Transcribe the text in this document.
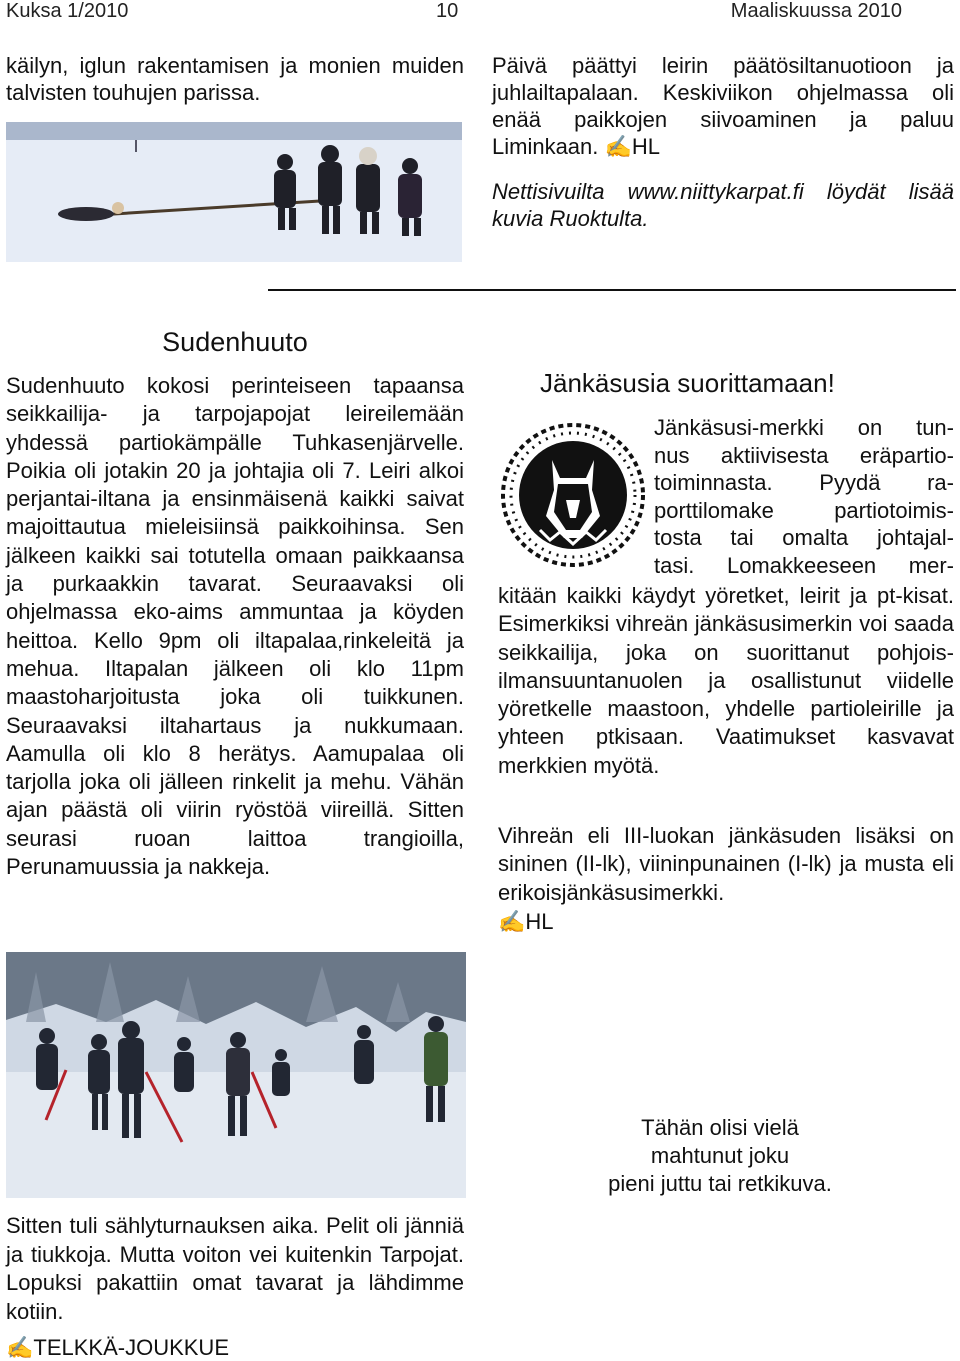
Kuksa 1/2010	10	Maaliskuussa 2010
käilyn, iglun rakentamisen ja monien muiden talvisten touhujen parissa.
Päivä päättyi leirin päätösiltanuotioon ja juhlailtapalaan. Keskiviikon ohjelmassa oli enää paikkojen siivoaminen ja paluu Liminkaan. ✍HL
Nettisivuilta www.niittykarpat.fi löydät lisää kuvia Ruoktulta.
Sudenhuuto
Sudenhuuto kokosi perinteiseen tapaansa seikkailija- ja tarpojapojat leireilemään yhdessä partiokämpälle Tuhkasenjärvelle. Poikia oli jotakin 20 ja johtajia oli 7. Leiri alkoi perjantai-iltana ja ensinmäisenä kaikki saivat majoittautua mieleisiinsä paikkoihinsa. Sen jälkeen kaikki sai totutella omaan paikkaansa ja purkaakkin tavarat. Seuraavaksi oli ohjelmassa eko-aims ammuntaa ja köyden heittoa. Kello 9pm oli iltapalaa,rinkeleitä ja mehua. Iltapalan jälkeen oli klo 11pm maastoharjoitusta joka oli tuikkunen. Seuraavaksi iltahartaus ja nukkumaan. Aamulla oli klo 8 herätys. Aamupalaa oli tarjolla joka oli jälleen rinkelit ja mehu. Vähän ajan päästä oli viirin ryöstöä viireillä. Sitten seurasi ruoan laittoa trangioilla, Perunamuussia ja nakkeja.
Jänkäsusia suorittamaan!
Jänkäsusi-merkki on tun-
nus aktiivisesta eräpartio-
toiminnasta. Pyydä ra-
porttilomake partiotoimis-
tosta tai omalta johtajal-
tasi. Lomakkeeseen mer-
kitään kaikki käydyt yöretket, leirit ja pt-kisat. Esimerkiksi vihreän jänkäsusimerkin voi saada seikkailija, joka on suorittanut pohjois-ilmansuuntanuolen ja osallistunut viidelle yöretkelle maastoon, yhdelle partioleirille ja yhteen ptkisaan. Vaatimukset kasvavat merkkien myötä.
Vihreän eli III-luokan jänkäsuden lisäksi on sininen (II-lk), viininpunainen (I-lk) ja musta eli erikoisjänkäsusimerkki.
✍HL
Sitten tuli sählyturnauksen aika. Pelit oli jänniä ja tiukkoja. Mutta voiton vei kuitenkin Tarpojat. Lopuksi pakattiin omat tavarat ja lähdimme kotiin.
✍TELKKÄ-JOUKKUE
Tähän olisi vielä
mahtunut joku
pieni juttu tai retkikuva.
